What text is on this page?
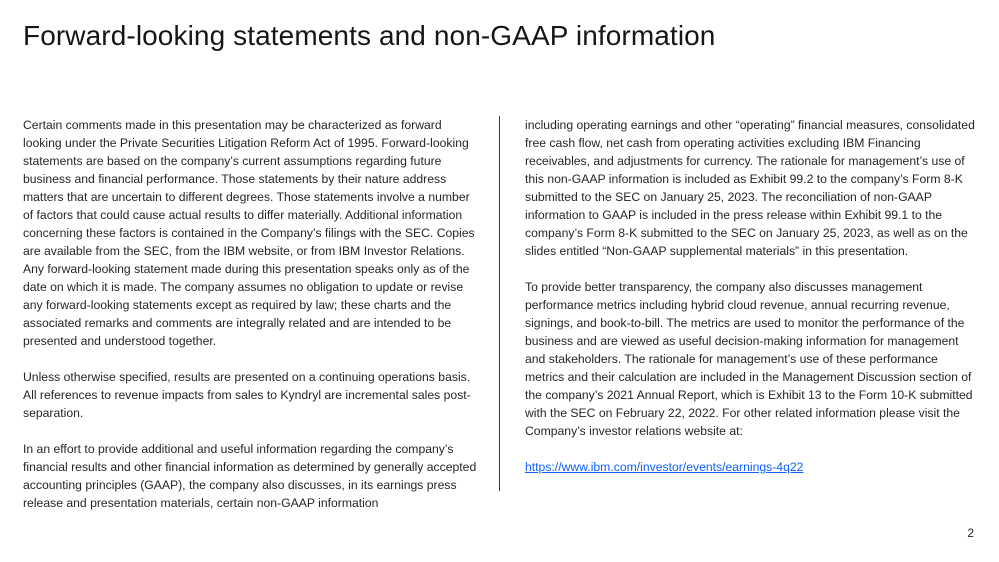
Forward-looking statements and non-GAAP information

Certain comments made in this presentation may be characterized as forward looking under the Private Securities Litigation Reform Act of 1995. Forward-looking statements are based on the company’s current assumptions regarding future business and financial performance. Those statements by their nature address matters that are uncertain to different degrees. Those statements involve a number of factors that could cause actual results to differ materially. Additional information concerning these factors is contained in the Company’s filings with the SEC. Copies are available from the SEC, from the IBM website, or from IBM Investor Relations. Any forward-looking statement made during this presentation speaks only as of the date on which it is made. The company assumes no obligation to update or revise any forward-looking statements except as required by law; these charts and the associated remarks and comments are integrally related and are intended to be presented and understood together.

Unless otherwise specified, results are presented on a continuing operations basis. All references to revenue impacts from sales to Kyndryl are incremental sales post-separation.

In an effort to provide additional and useful information regarding the company’s financial results and other financial information as determined by generally accepted accounting principles (GAAP), the company also discusses, in its earnings press release and presentation materials, certain non-GAAP information

including operating earnings and other “operating” financial measures, consolidated free cash flow, net cash from operating activities excluding IBM Financing receivables, and adjustments for currency. The rationale for management’s use of this non-GAAP information is included as Exhibit 99.2 to the company’s Form 8-K submitted to the SEC on January 25, 2023. The reconciliation of non-GAAP information to GAAP is included in the press release within Exhibit 99.1 to the company’s Form 8-K submitted to the SEC on January 25, 2023, as well as on the slides entitled “Non-GAAP supplemental materials” in this presentation.

To provide better transparency, the company also discusses management performance metrics including hybrid cloud revenue, annual recurring revenue, signings, and book-to-bill. The metrics are used to monitor the performance of the business and are viewed as useful decision-making information for management and stakeholders. The rationale for management’s use of these performance metrics and their calculation are included in the Management Discussion section of the company’s 2021 Annual Report, which is Exhibit 13 to the Form 10-K submitted with the SEC on February 22, 2022. For other related information please visit the Company’s investor relations website at:

https://www.ibm.com/investor/events/earnings-4q22

2
